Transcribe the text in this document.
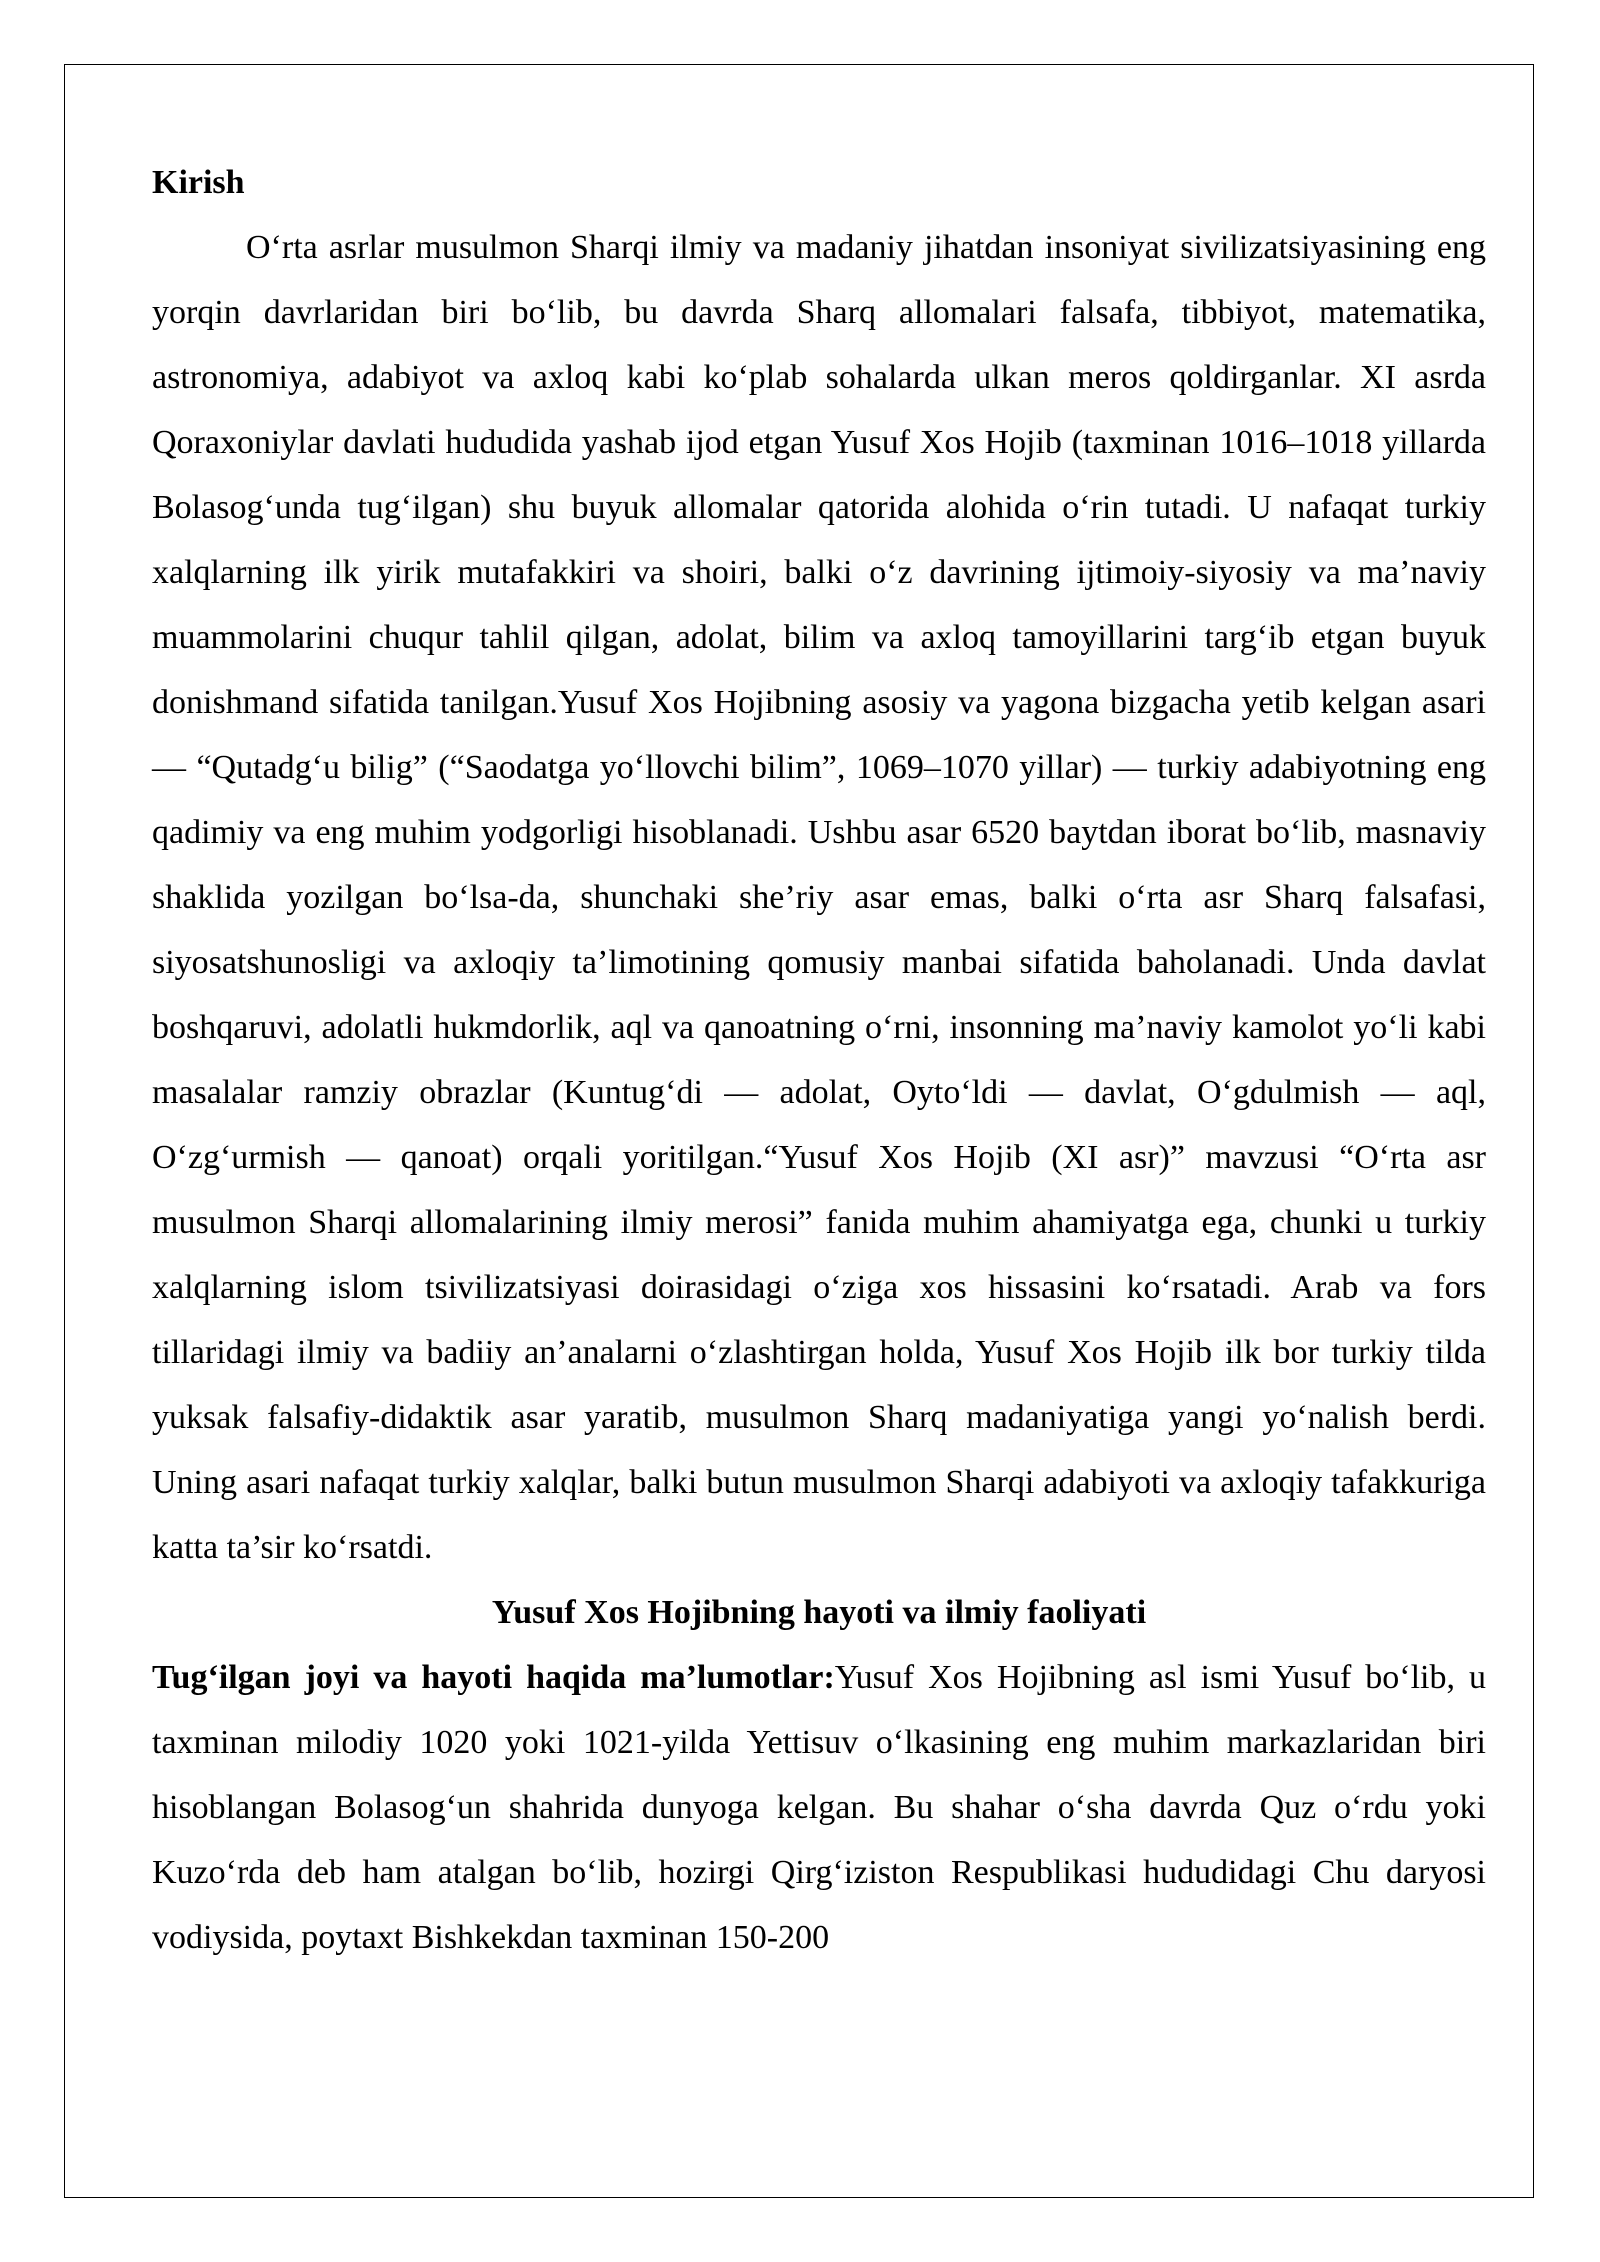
Kirish

O‘rta asrlar musulmon Sharqi ilmiy va madaniy jihatdan insoniyat sivilizatsiyasining eng yorqin davrlaridan biri bo‘lib, bu davrda Sharq allomalari falsafa, tibbiyot, matematika, astronomiya, adabiyot va axloq kabi ko‘plab sohalarda ulkan meros qoldirganlar. XI asrda Qoraxoniylar davlati hududida yashab ijod etgan Yusuf Xos Hojib (taxminan 1016–1018 yillarda Bolasog‘unda tug‘ilgan) shu buyuk allomalar qatorida alohida o‘rin tutadi. U nafaqat turkiy xalqlarning ilk yirik mutafakkiri va shoiri, balki o‘z davrining ijtimoiy-siyosiy va ma’naviy muammolarini chuqur tahlil qilgan, adolat, bilim va axloq tamoyillarini targ‘ib etgan buyuk donishmand sifatida tanilgan.Yusuf Xos Hojibning asosiy va yagona bizgacha yetib kelgan asari — “Qutadg‘u bilig” (“Saodatga yo‘llovchi bilim”, 1069–1070 yillar) — turkiy adabiyotning eng qadimiy va eng muhim yodgorligi hisoblanadi. Ushbu asar 6520 baytdan iborat bo‘lib, masnaviy shaklida yozilgan bo‘lsa-da, shunchaki she’riy asar emas, balki o‘rta asr Sharq falsafasi, siyosatshunosligi va axloqiy ta’limotining qomusiy manbai sifatida baholanadi. Unda davlat boshqaruvi, adolatli hukmdorlik, aql va qanoatning o‘rni, insonning ma’naviy kamolot yo‘li kabi masalalar ramziy obrazlar (Kuntug‘di — adolat, Oyto‘ldi — davlat, O‘gdulmish — aql, O‘zg‘urmish — qanoat) orqali yoritilgan.“Yusuf Xos Hojib (XI asr)” mavzusi “O‘rta asr musulmon Sharqi allomalarining ilmiy merosi” fanida muhim ahamiyatga ega, chunki u turkiy xalqlarning islom tsivilizatsiyasi doirasidagi o‘ziga xos hissasini ko‘rsatadi. Arab va fors tillaridagi ilmiy va badiiy an’analarni o‘zlashtirgan holda, Yusuf Xos Hojib ilk bor turkiy tilda yuksak falsafiy-didaktik asar yaratib, musulmon Sharq madaniyatiga yangi yo‘nalish berdi. Uning asari nafaqat turkiy xalqlar, balki butun musulmon Sharqi adabiyoti va axloqiy tafakkuriga katta ta’sir ko‘rsatdi.

Yusuf Xos Hojibning hayoti va ilmiy faoliyati

Tug‘ilgan joyi va hayoti haqida ma’lumotlar:Yusuf Xos Hojibning asl ismi Yusuf bo‘lib, u taxminan milodiy 1020 yoki 1021-yilda Yettisuv o‘lkasining eng muhim markazlaridan biri hisoblangan Bolasog‘un shahrida dunyoga kelgan. Bu shahar o‘sha davrda Quz o‘rdu yoki Kuzo‘rda deb ham atalgan bo‘lib, hozirgi Qirg‘iziston Respublikasi hududidagi Chu daryosi vodiysida, poytaxt Bishkekdan taxminan 150-200
